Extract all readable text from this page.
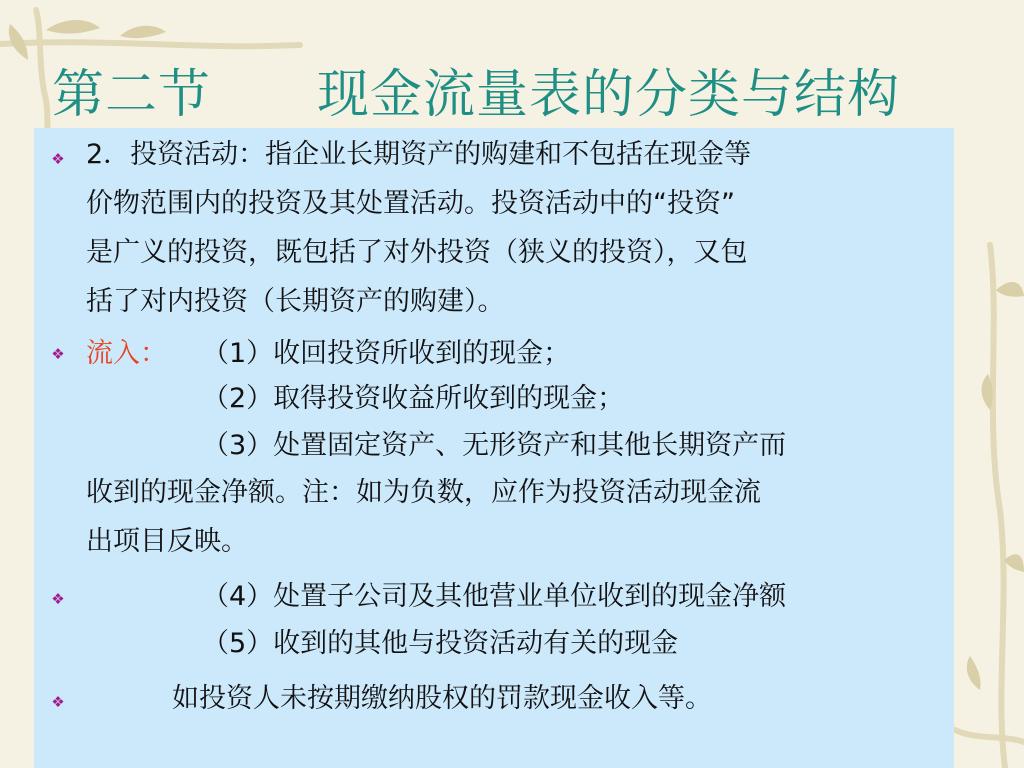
第二节　　现金流量表的分类与结构
❖ 2．投资活动：指企业长期资产的购建和不包括在现金等
价物范围内的投资及其处置活动。投资活动中的“投资”
是广义的投资，既包括了对外投资（狭义的投资），又包
括了对内投资（长期资产的购建）。
❖ 流入： （1）收回投资所收到的现金；
（2）取得投资收益所收到的现金；
（3）处置固定资产、无形资产和其他长期资产而
收到的现金净额。注：如为负数，应作为投资活动现金流
出项目反映。
❖	（4）处置子公司及其他营业单位收到的现金净额
（5）收到的其他与投资活动有关的现金
❖	如投资人未按期缴纳股权的罚款现金收入等。
